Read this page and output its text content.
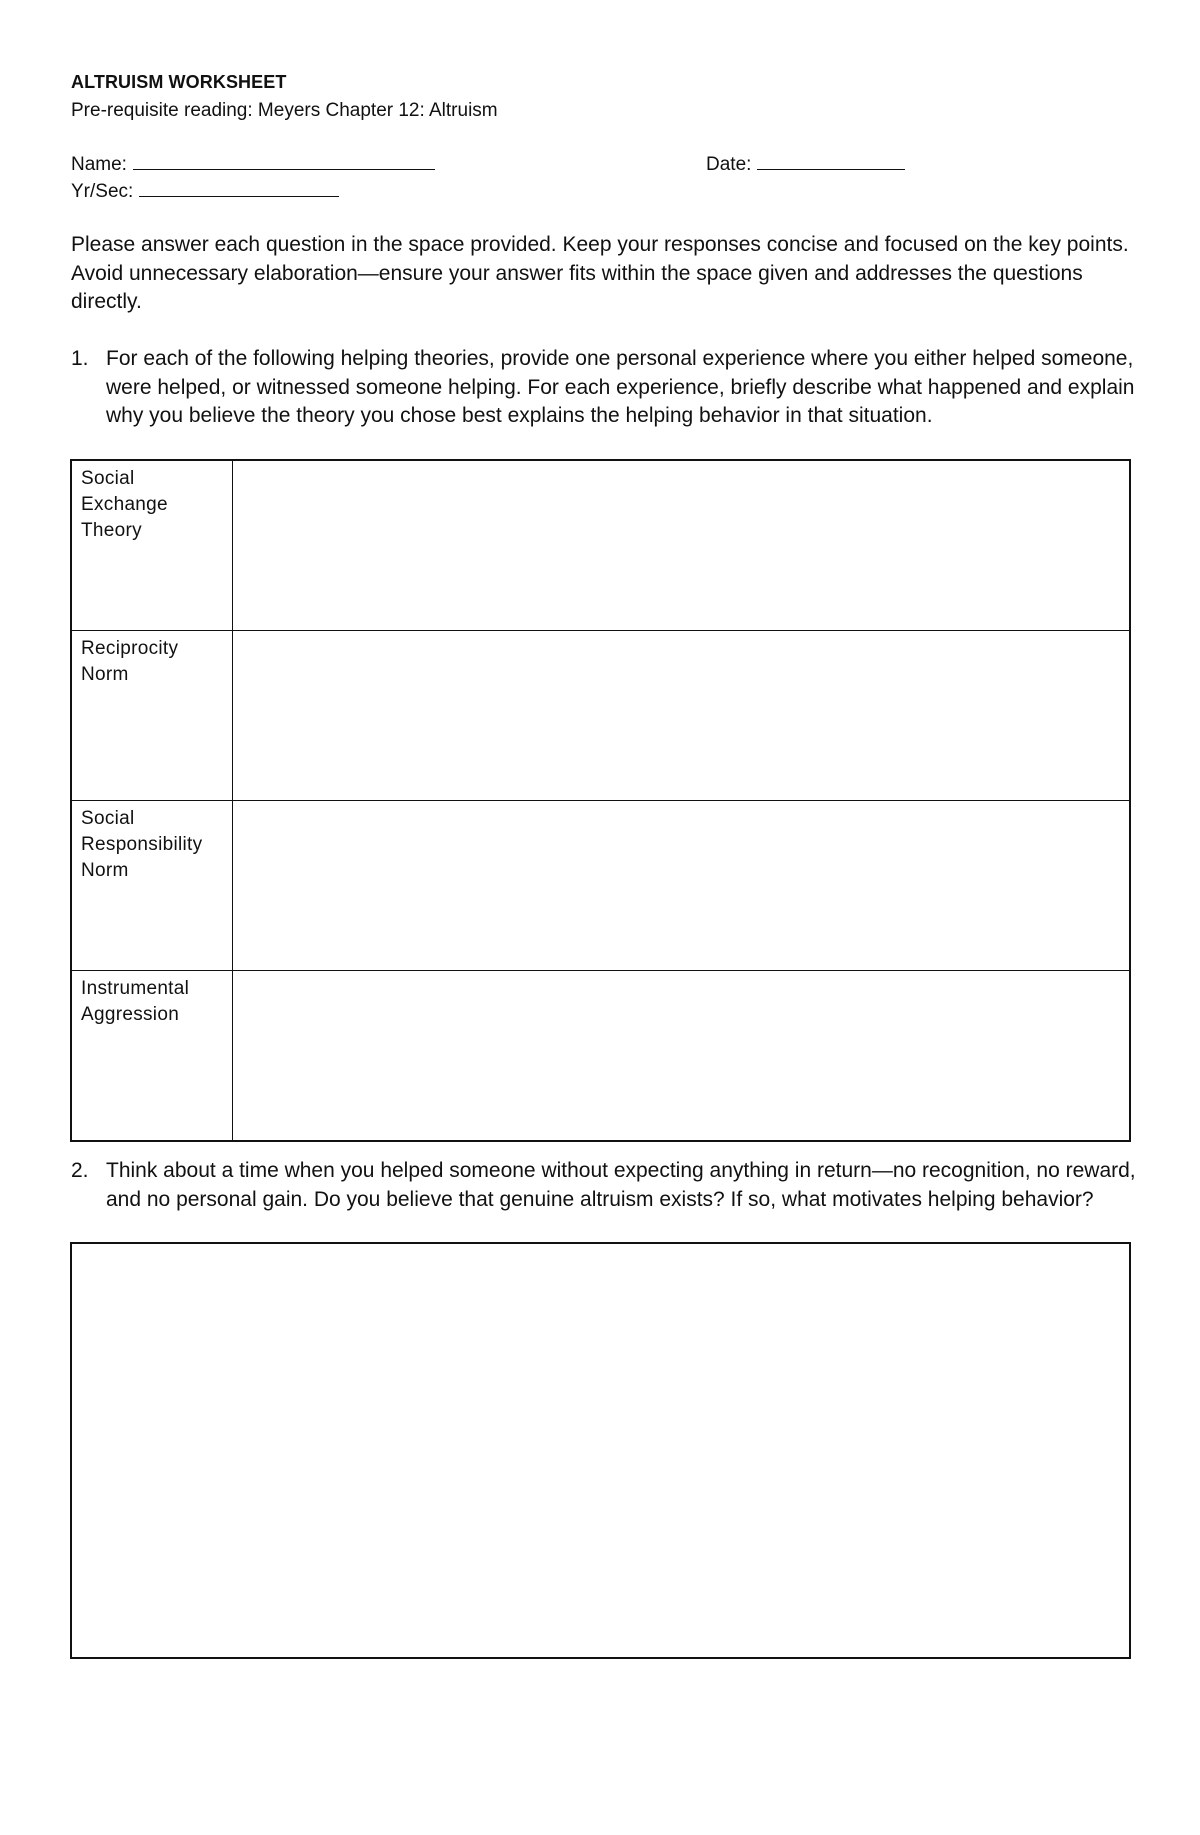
ALTRUISM WORKSHEET
Pre-requisite reading: Meyers Chapter 12: Altruism
Name:	Date:
Yr/Sec:
Please answer each question in the space provided. Keep your responses concise and focused on the key points. Avoid unnecessary elaboration—ensure your answer fits within the space given and addresses the questions directly.
1. For each of the following helping theories, provide one personal experience where you either helped someone, were helped, or witnessed someone helping. For each experience, briefly describe what happened and explain why you believe the theory you chose best explains the helping behavior in that situation.
Social Exchange Theory	
Reciprocity Norm	
Social Responsibility Norm	
Instrumental Aggression	
2. Think about a time when you helped someone without expecting anything in return—no recognition, no reward, and no personal gain. Do you believe that genuine altruism exists? If so, what motivates helping behavior?
